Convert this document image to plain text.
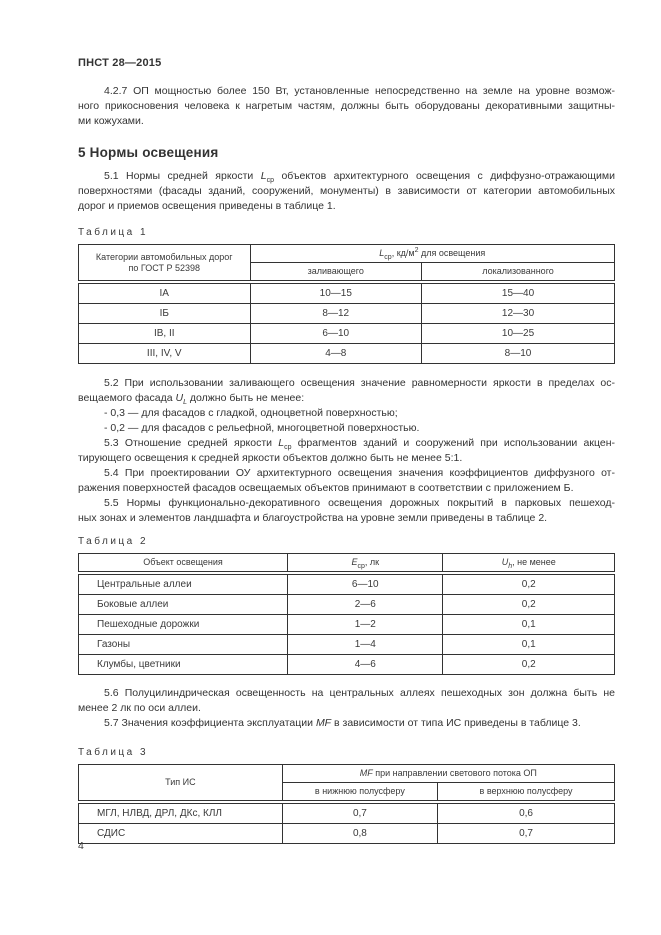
ПНСТ 28—2015
4.2.7 ОП мощностью более 150 Вт, установленные непосредственно на земле на уровне возмож-
ного прикосновения человека к нагретым частям, должны быть оборудованы декоративными защитны-
ми кожухами.
5 Нормы освещения
5.1 Нормы средней яркости $L_{ср}$ объектов архитектурного освещения с диффузно-отражающими
поверхностями (фасады зданий, сооружений, монументы) в зависимости от категории автомобильных
дорог и приемов освещения приведены в таблице 1.
Таблица 1
Категории автомобильных дорог
по ГОСТ Р 52398	$L_{ср}$, $кд/м^2$ для освещения	
	заливающего	локализованного
IА	10—15	15—40
IБ	8—12	12—30
IВ, II	6—10	10—25
III, IV, V	4—8	8—10
5.2 При использовании заливающего освещения значение равномерности яркости в пределах ос-
вещаемого фасада $U_L$ должно быть не менее:
- 0,3 — для фасадов с гладкой, одноцветной поверхностью;
- 0,2 — для фасадов с рельефной, многоцветной поверхностью.
5.3 Отношение средней яркости $L_{ср}$ фрагментов зданий и сооружений при использовании акцен-
тирующего освещения к средней яркости объектов должно быть не менее 5:1.
5.4 При проектировании ОУ архитектурного освещения значения коэффициентов диффузного от-
ражения поверхностей фасадов освещаемых объектов принимают в соответствии с приложением Б.
5.5 Нормы функционально-декоративного освещения дорожных покрытий в парковых пешеход-
ных зонах и элементов ландшафта и благоустройства на уровне земли приведены в таблице 2.
Таблица 2
Объект освещения	$E_{ср}$, лк	$U_h$, не менее
Центральные аллеи	6—10	0,2
Боковые аллеи	2—6	0,2
Пешеходные дорожки	1—2	0,1
Газоны	1—4	0,1
Клумбы, цветники	4—6	0,2
5.6 Полуцилиндрическая освещенность на центральных аллеях пешеходных зон должна быть не
менее 2 лк по оси аллеи.
5.7 Значения коэффициента эксплуатации MF в зависимости от типа ИС приведены в таблице 3.
Таблица 3
Тип ИС	MF при направлении светового потока ОП	
	в нижнюю полусферу	в верхнюю полусферу
МГЛ, НЛВД, ДРЛ, ДКс, КЛЛ	0,7	0,6
СДИС	0,8	0,7
4
